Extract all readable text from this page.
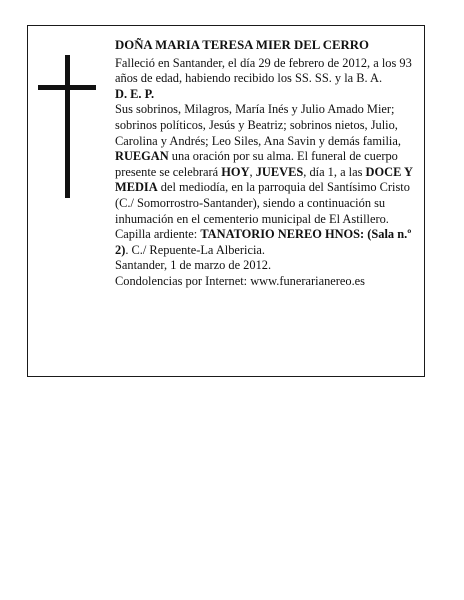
DOÑA MARIA TERESA MIER DEL CERRO

Falleció en Santander, el día 29 de febrero de 2012, a los 93 años de edad, habiendo recibido los SS. SS. y la B. A.

D. E. P.

Sus sobrinos, Milagros, María Inés y Julio Amado Mier; sobrinos políticos, Jesús y Beatriz; sobrinos nietos, Julio, Carolina y Andrés; Leo Siles, Ana Savin y demás familia,

RUEGAN una oración por su alma. El funeral de cuerpo presente se celebrará HOY, JUEVES, día 1, a las DOCE Y MEDIA del mediodía, en la parroquia del Santísimo Cristo (C./ Somorrostro-Santander), siendo a continuación su inhumación en el cementerio municipal de El Astillero.

Capilla ardiente: TANATORIO NEREO HNOS: (Sala n.º 2). C./ Repuente-La Albericia.

Santander, 1 de marzo de 2012.

Condolencias por Internet: www.funerarianereo.es
